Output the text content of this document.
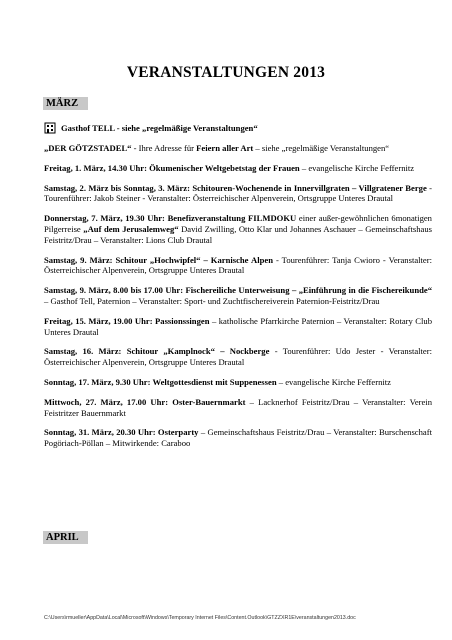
VERANSTALTUNGEN 2013
MÄRZ
Gasthof TELL - siehe „regelmäßige Veranstaltungen“

„DER GÖTZSTADEL“ - Ihre Adresse für Feiern aller Art – siehe „regelmäßige Veranstaltungen“

Freitag, 1. März, 14.30 Uhr: Ökumenischer Weltgebetstag der Frauen – evangelische Kirche Feffernitz

Samstag, 2. März bis Sonntag, 3. März: Schitouren-Wochenende in Innervillgraten – Villgratener Berge - Tourenführer: Jakob Steiner - Veranstalter: Österreichischer Alpenverein, Ortsgruppe Unteres Drautal

Donnerstag, 7. März, 19.30 Uhr: Benefizveranstaltung FILMDOKU einer außer-gewöhnlichen 6monatigen Pilgerreise „Auf dem Jerusalemweg“ David Zwilling, Otto Klar und Johannes Aschauer – Gemeinschaftshaus Feistritz/Drau – Veranstalter: Lions Club Drautal

Samstag, 9. März: Schitour „Hochwipfel“ – Karnische Alpen - Tourenführer: Tanja Cwioro - Veranstalter: Österreichischer Alpenverein, Ortsgruppe Unteres Drautal

Samstag, 9. März, 8.00 bis 17.00 Uhr: Fischereiliche Unterweisung – „Einführung in die Fischereikunde“ – Gasthof Tell, Paternion – Veranstalter: Sport- und Zuchtfischereiverein Paternion-Feistritz/Drau

Freitag, 15. März, 19.00 Uhr: Passionssingen – katholische Pfarrkirche Paternion – Veranstalter: Rotary Club Unteres Drautal

Samstag, 16. März: Schitour „Kamplnock“ – Nockberge - Tourenführer: Udo Jester - Veranstalter: Österreichischer Alpenverein, Ortsgruppe Unteres Drautal

Sonntag, 17. März, 9.30 Uhr: Weltgottesdienst mit Suppenessen – evangelische Kirche Feffernitz

Mittwoch, 27. März, 17.00 Uhr: Oster-Bauernmarkt – Lacknerhof Feistritz/Drau – Veranstalter: Verein Feistritzer Bauernmarkt

Sonntag, 31. März, 20.30 Uhr: Osterparty – Gemeinschaftshaus Feistritz/Drau – Veranstalter: Burschenschaft Pogöriach-Pöllan – Mitwirkende: Caraboo

APRIL
C:\Users\rmueller\AppData\Local\Microsoft\Windows\Temporary Internet Files\Content.Outlook\GTZZXR1E\veranstaltungen2013.doc
